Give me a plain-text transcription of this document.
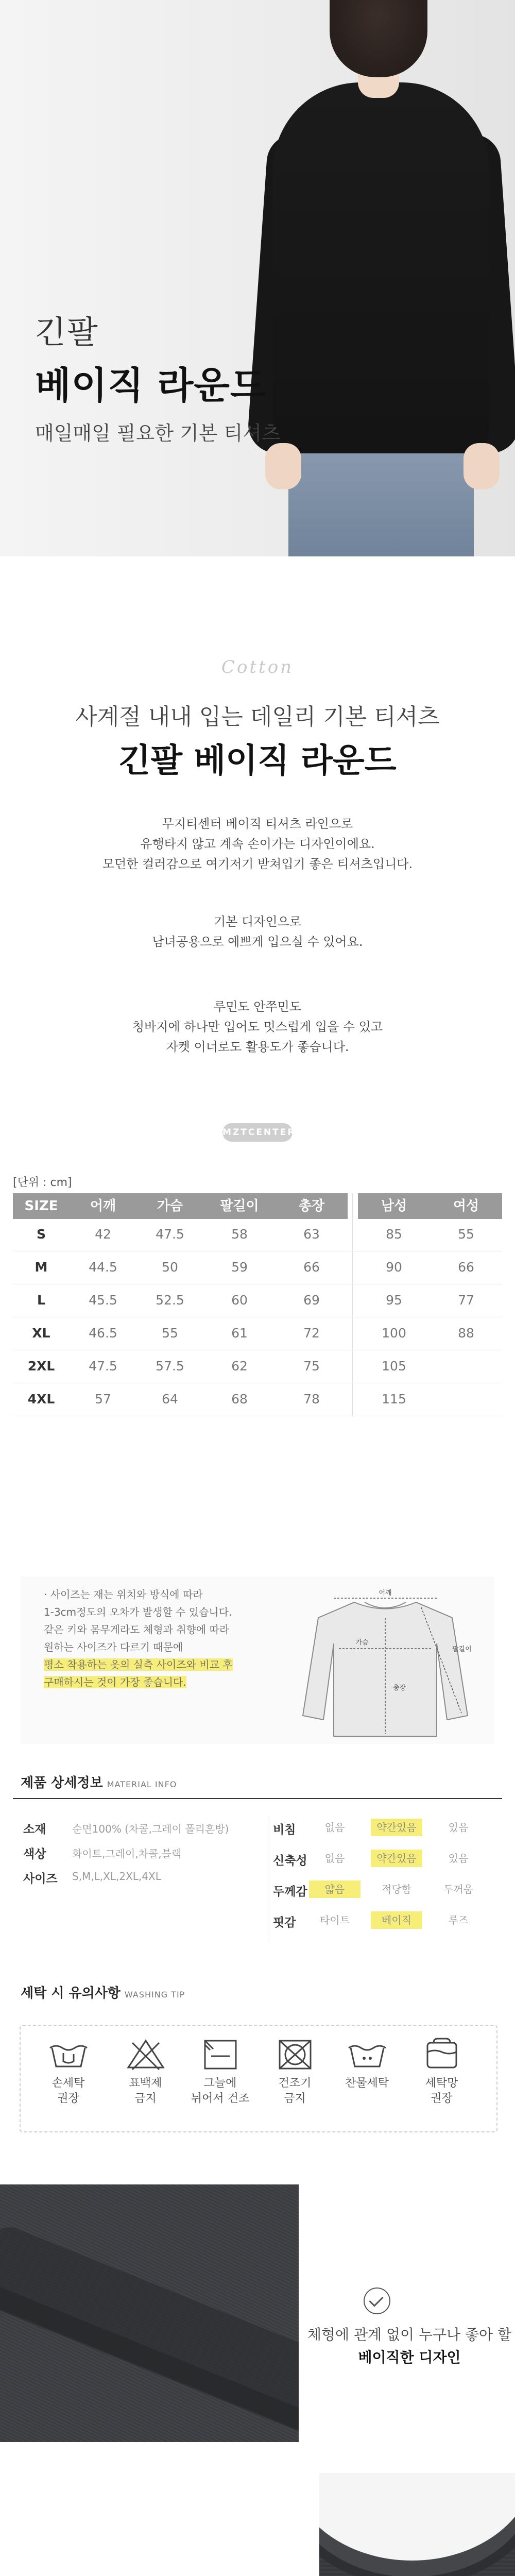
긴팔
베이직 라운드
매일매일 필요한 기본 티셔츠
Cotton
사계절 내내 입는 데일리 기본 티셔츠
긴팔 베이직 라운드
무지티센터 베이직 티셔츠 라인으로
유행타지 않고 계속 손이가는 디자인이에요.
모던한 컬러감으로 여기저기 받쳐입기 좋은 티셔츠입니다.
기본 디자인으로
남녀공용으로 예쁘게 입으실 수 있어요.
루민도 안쭈민도
청바지에 하나만 입어도 멋스럽게 입을 수 있고
자켓 이너로도 활용도가 좋습니다.
MZTCENTER
[단위 : cm]
SIZE	어깨	가슴	팔길이	총장	남성	여성
S	42	47.5	58	63	85	55
M	44.5	50	59	66	90	66
L	45.5	52.5	60	69	95	77
XL	46.5	55	61	72	100	88
2XL	47.5	57.5	62	75	105
4XL	57	64	68	78	115
· 사이즈는 재는 위치와 방식에 따라
1-3cm정도의 오차가 발생할 수 있습니다.
같은 키와 몸무게라도 체형과 취향에 따라
원하는 사이즈가 다르기 때문에
평소 착용하는 옷의 실측 사이즈와 비교 후
구매하시는 것이 가장 좋습니다.
어깨
가슴
총장
팔길이
제품 상세정보 MATERIAL INFO
소재	순면100% (차콜,그레이 폴리혼방)
색상	화이트,그레이,차콜,블랙
사이즈 S,M,L,XL,2XL,4XL
비침	없음	약간있음	있음
신축성	없음	약간있음	있음
두께감	얇음	적당함	두꺼움
핏감	타이트	베이직	루즈
세탁 시 유의사항 WASHING TIP
손세탁
권장
표백제
금지
그늘에
뉘어서 건조
건조기
금지
찬물세탁	세탁망
권장
체형에 관계 없이 누구나 좋아 할
베이직한 디자인
